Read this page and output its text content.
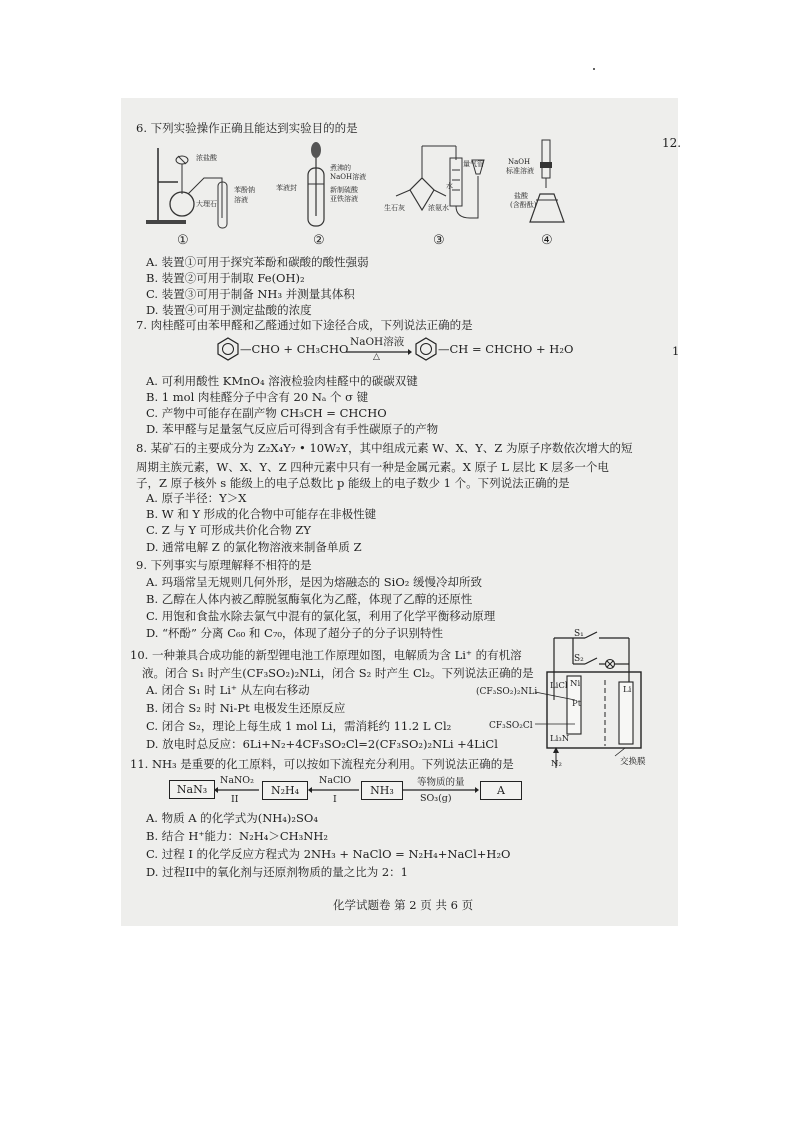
12.
1
6. 下列实验操作正确且能达到实验目的的是
浓盐酸
大理石
苯酚钠
溶液
煮沸的
NaOH溶液
苯液封	新制硫酸
亚铁溶液
生石灰	浓氨水
水
量气管	NaOH
标准溶液
盐酸
(含酚酞)
①	②	③	④
A. 装置①可用于探究苯酚和碳酸的酸性强弱
B. 装置②可用于制取 Fe(OH)₂
C. 装置③可用于制备 NH₃ 并测量其体积
D. 装置④可用于测定盐酸的浓度
7. 肉桂醛可由苯甲醛和乙醛通过如下途径合成，下列说法正确的是
—CHO + CH₃CHO NaOH溶液
△
—CH = CHCHO + H₂O
A. 可利用酸性 KMnO₄ 溶液检验肉桂醛中的碳碳双键
B. 1 mol 肉桂醛分子中含有 20 Nₐ 个 σ 键
C. 产物中可能存在副产物 CH₃CH = CHCHO
D. 苯甲醛与足量氢气反应后可得到含有手性碳原子的产物
8. 某矿石的主要成分为 Z₂X₄Y₇ • 10W₂Y，其中组成元素 W、X、Y、Z 为原子序数依次增大的短
周期主族元素，W、X、Y、Z 四种元素中只有一种是金属元素。X 原子 L 层比 K 层多一个电
子，Z 原子核外 s 能级上的电子总数比 p 能级上的电子数少 1 个。下列说法正确的是
A. 原子半径：Y＞X
B. W 和 Y 形成的化合物中可能存在非极性键
C. Z 与 Y 可形成共价化合物 ZY
D. 通常电解 Z 的氯化物溶液来制备单质 Z
9. 下列事实与原理解释不相符的是
A. 玛瑙常呈无规则几何外形，是因为熔融态的 SiO₂ 缓慢冷却所致
B. 乙醇在人体内被乙醇脱氢酶氧化为乙醛，体现了乙醇的还原性
C. 用饱和食盐水除去氯气中混有的氯化氢，利用了化学平衡移动原理
D. “杯酚” 分离 C₆₀ 和 C₇₀，体现了超分子的分子识别特性
10. 一种兼具合成功能的新型锂电池工作原理如图，电解质为含 Li⁺ 的有机溶
液。闭合 S₁ 时产生(CF₃SO₂)₂NLi，闭合 S₂ 时产生 Cl₂。下列说法正确的是
A. 闭合 S₁ 时 Li⁺ 从左向右移动
B. 闭合 S₂ 时 Ni-Pt 电极发生还原反应
C. 闭合 S₂，理论上每生成 1 mol Li，需消耗约 11.2 L Cl₂
D. 放电时总反应：6Li+N₂+4CF₃SO₂Cl=2(CF₃SO₂)₂NLi +4LiCl
S₁
S₂
LiCl Ni
Pt
Li
(CF₃SO₂)₂NLi
CF₃SO₂Cl
Li₃N
N₂	交换膜
11. NH₃ 是重要的化工原料，可以按如下流程充分利用。下列说法正确的是
NaN₃
NaNO₂
II
N₂H₄
NaClO
I
NH₃
等物质的量
SO₃(g)
A
A. 物质 A 的化学式为(NH₄)₂SO₄
B. 结合 H⁺能力：N₂H₄＞CH₃NH₂
C. 过程 I 的化学反应方程式为 2NH₃ + NaClO = N₂H₄+NaCl+H₂O
D. 过程II中的氧化剂与还原剂物质的量之比为 2：1
化学试题卷 第 2 页 共 6 页
